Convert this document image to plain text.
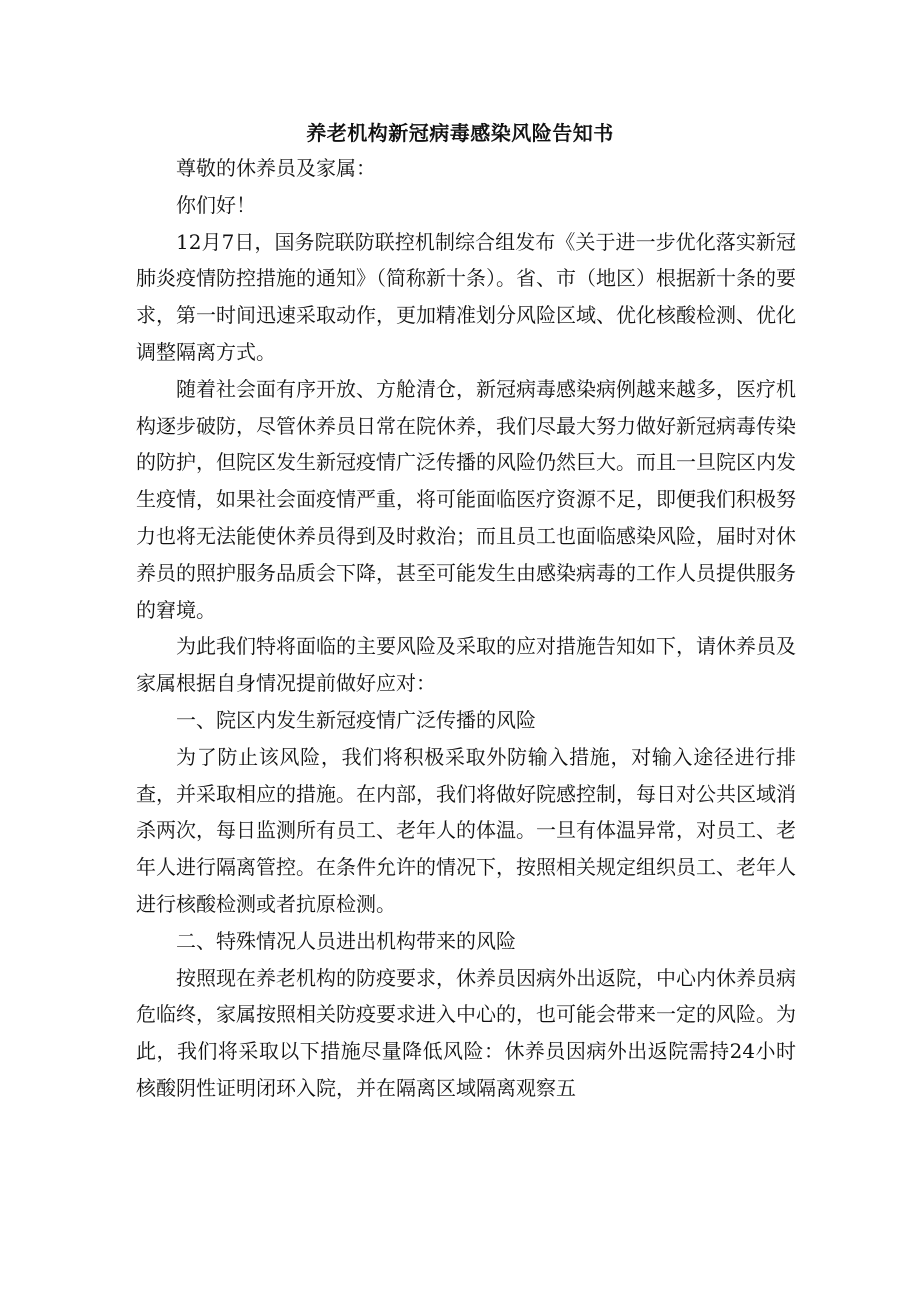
养老机构新冠病毒感染风险告知书

尊敬的休养员及家属：

你们好！

12月7日，国务院联防联控机制综合组发布《关于进一步优化落实新冠肺炎疫情防控措施的通知》（简称新十条）。省、市（地区）根据新十条的要求，第一时间迅速采取动作，更加精准划分风险区域、优化核酸检测、优化调整隔离方式。

随着社会面有序开放、方舱清仓，新冠病毒感染病例越来越多，医疗机构逐步破防，尽管休养员日常在院休养，我们尽最大努力做好新冠病毒传染的防护，但院区发生新冠疫情广泛传播的风险仍然巨大。而且一旦院区内发生疫情，如果社会面疫情严重，将可能面临医疗资源不足，即便我们积极努力也将无法能使休养员得到及时救治；而且员工也面临感染风险，届时对休养员的照护服务品质会下降，甚至可能发生由感染病毒的工作人员提供服务的窘境。

为此我们特将面临的主要风险及采取的应对措施告知如下，请休养员及家属根据自身情况提前做好应对：

一、院区内发生新冠疫情广泛传播的风险

为了防止该风险，我们将积极采取外防输入措施，对输入途径进行排查，并采取相应的措施。在内部，我们将做好院感控制，每日对公共区域消杀两次，每日监测所有员工、老年人的体温。一旦有体温异常，对员工、老年人进行隔离管控。在条件允许的情况下，按照相关规定组织员工、老年人进行核酸检测或者抗原检测。

二、特殊情况人员进出机构带来的风险

按照现在养老机构的防疫要求，休养员因病外出返院，中心内休养员病危临终，家属按照相关防疫要求进入中心的，也可能会带来一定的风险。为此，我们将采取以下措施尽量降低风险：休养员因病外出返院需持24小时核酸阴性证明闭环入院，并在隔离区域隔离观察五
